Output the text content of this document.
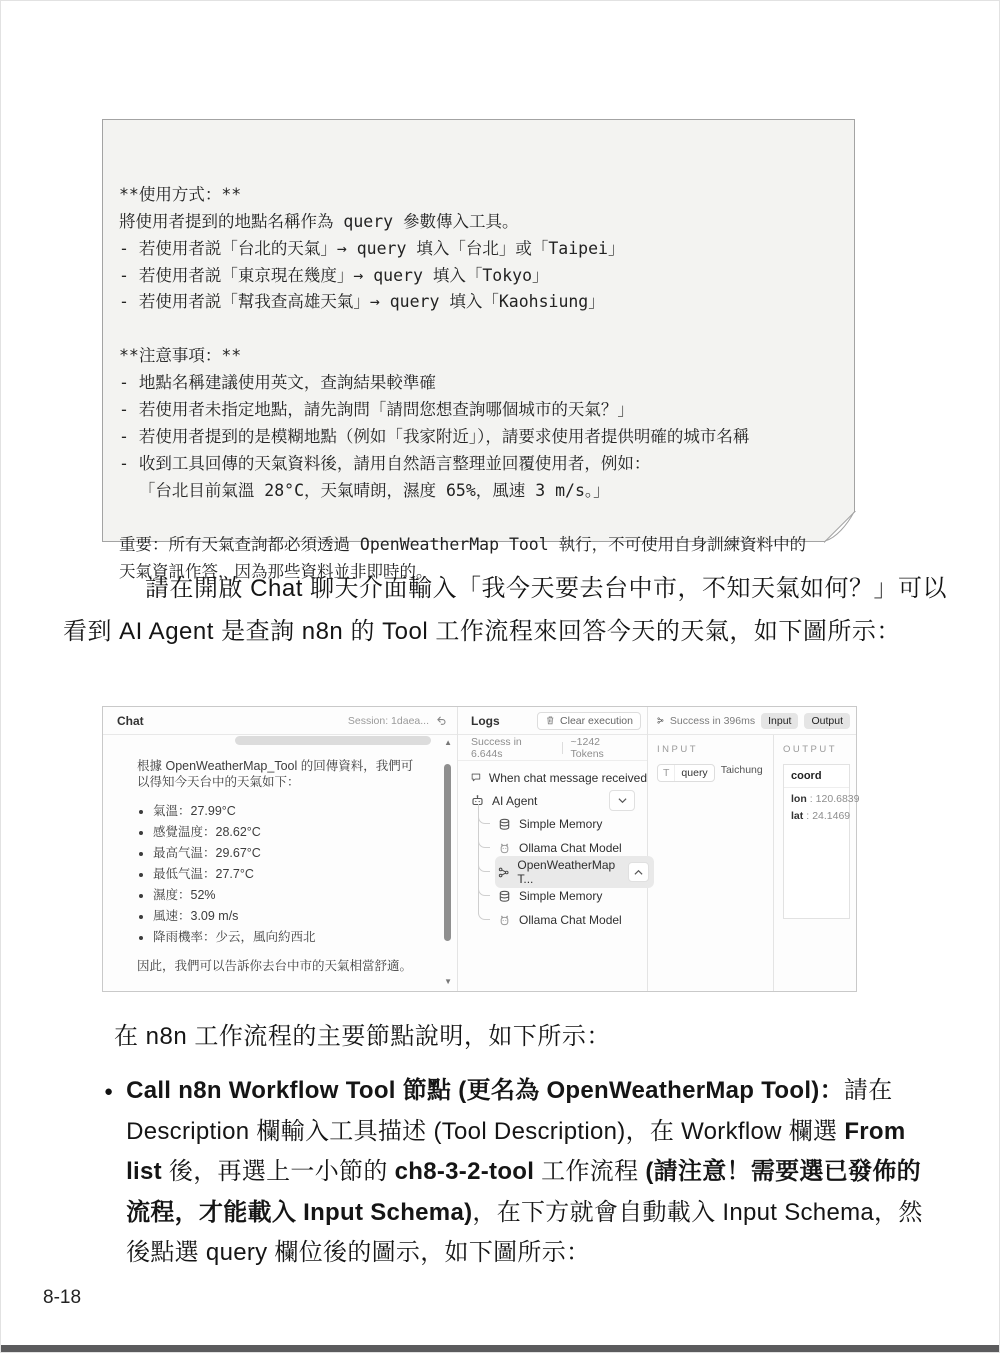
**使用方式：**
將使用者提到的地點名稱作為 query 參數傳入工具。
- 若使用者説「台北的天氣」→ query 填入「台北」或「Taipei」
- 若使用者説「東京現在幾度」→ query 填入「Tokyo」
- 若使用者説「幫我查高雄天氣」→ query 填入「Kaohsiung」

**注意事項：**
- 地點名稱建議使用英文，查詢結果較準確
- 若使用者未指定地點，請先詢問「請問您想查詢哪個城市的天氣？」
- 若使用者提到的是模糊地點（例如「我家附近」），請要求使用者提供明確的城市名稱
- 收到工具回傳的天氣資料後，請用自然語言整理並回覆使用者，例如：
「台北目前氣溫 28°C，天氣晴朗，濕度 65%，風速 3 m/s。」

重要：所有天氣查詢都必須透過 OpenWeatherMap Tool 執行，不可使用自身訓練資料中的
天氣資訊作答，因為那些資料並非即時的。
請在開啟 Chat 聊天介面輸入「我今天要去台中市，不知天氣如何？」可以看到 AI Agent 是查詢 n8n 的 Tool 工作流程來回答今天的天氣，如下圖所示：
Chat	Session: 1daea...
▲
▼
根據 OpenWeatherMap_Tool 的回傳資料，我們可以得知今天台中的天氣如下：
• 氣溫：27.99°C
• 感覺温度：28.62°C
• 最高气温：29.67°C
• 最低气温：27.7°C
• 濕度：52%
• 風速：3.09 m/s
• 降雨機率：少云，風向約西北
因此，我們可以告訴你去台中市的天氣相當舒適。
Logs	Clear execution
Success in 6.644s
~1242 Tokens
When chat message received
AI Agent
Simple Memory
Ollama Chat Model
OpenWeatherMap T...
Simple Memory
Ollama Chat Model
Success in 396ms	Input	Output
INPUT
T	query	Taichung
OUTPUT
coord
lon : 120.6839
lat : 24.1469
在 n8n 工作流程的主要節點說明，如下所示：
● Call n8n Workflow Tool 節點 (更名為 OpenWeatherMap Tool)：請在 Description 欄輸入工具描述 (Tool Description)，在 Workflow 欄選 From list 後，再選上一小節的 ch8-3-2-tool 工作流程 (請注意！需要選已發佈的流程，才能載入 Input Schema)，在下方就會自動載入 Input Schema，然後點選 query 欄位後的圖示，如下圖所示：
8-18
